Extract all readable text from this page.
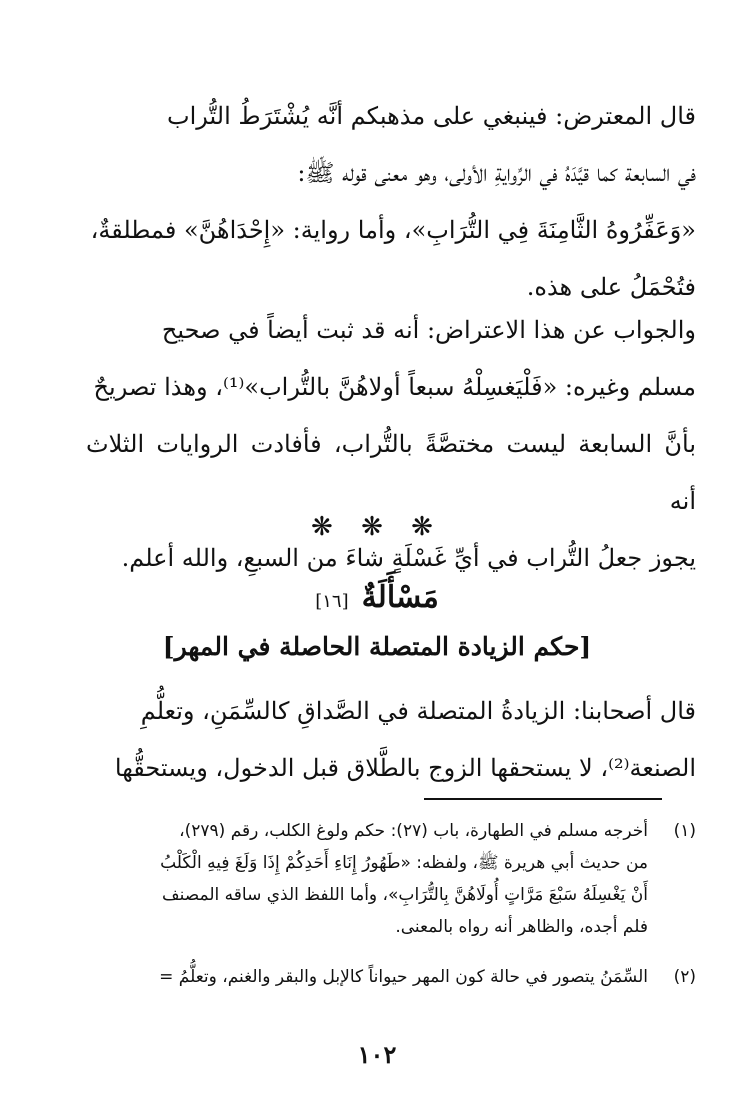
قال المعترض: فينبغي على مذهبكم أنَّه يُشْتَرَطُ التُّراب

في السابعة كما قيَّدَهُ في الرِّوايةِ الأولى، وهو معنى قوله ﷺ:

«وَعَفِّرُوهُ الثَّامِنَةَ فِي التُّرَابِ»، وأما رواية: «إِحْدَاهُنَّ» فمطلقةٌ،

فتُحْمَلُ على هذه.

والجواب عن هذا الاعتراض: أنه قد ثبت أيضاً في صحيح

مسلم وغيره: «فَلْيَغسِلْهُ سبعاً أولاهُنَّ بالتُّراب»⁽¹⁾، وهذا تصريحٌ

بأنَّ السابعة ليست مختصَّةً بالتُّراب، فأفادت الروايات الثلاث أنه

يجوز جعلُ التُّراب في أيِّ غَسْلَةٍ شاءَ من السبعِ، والله أعلم.

❋ ❋ ❋
مَسْأَلَةٌ [١٦]
[حكم الزيادة المتصلة الحاصلة في المهر]

قال أصحابنا: الزيادةُ المتصلة في الصَّداقِ كالسِّمَنِ، وتعلُّمِ

الصنعة⁽²⁾، لا يستحقها الزوج بالطَّلاق قبل الدخول، ويستحقُّها

(١)
أخرجه مسلم في الطهارة، باب (٢٧): حكم ولوغ الكلب، رقم (٢٧٩)،
من حديث أبي هريرة ﷺ، ولفظه: «طَهُورُ إِنَاءِ أَحَدِكُمْ إِذَا وَلَغَ فِيهِ الْكَلْبُ
أَنْ يَغْسِلَهُ سَبْعَ مَرَّاتٍ أُولَاهُنَّ بِالتُّرَابِ»، وأما اللفظ الذي ساقه المصنف
فلم أجده، والظاهر أنه رواه بالمعنى.
(٢)
السِّمَنُ يتصور في حالة كون المهر حيواناً كالإبل والبقر والغنم، وتعلُّمُ =
١٠٢
